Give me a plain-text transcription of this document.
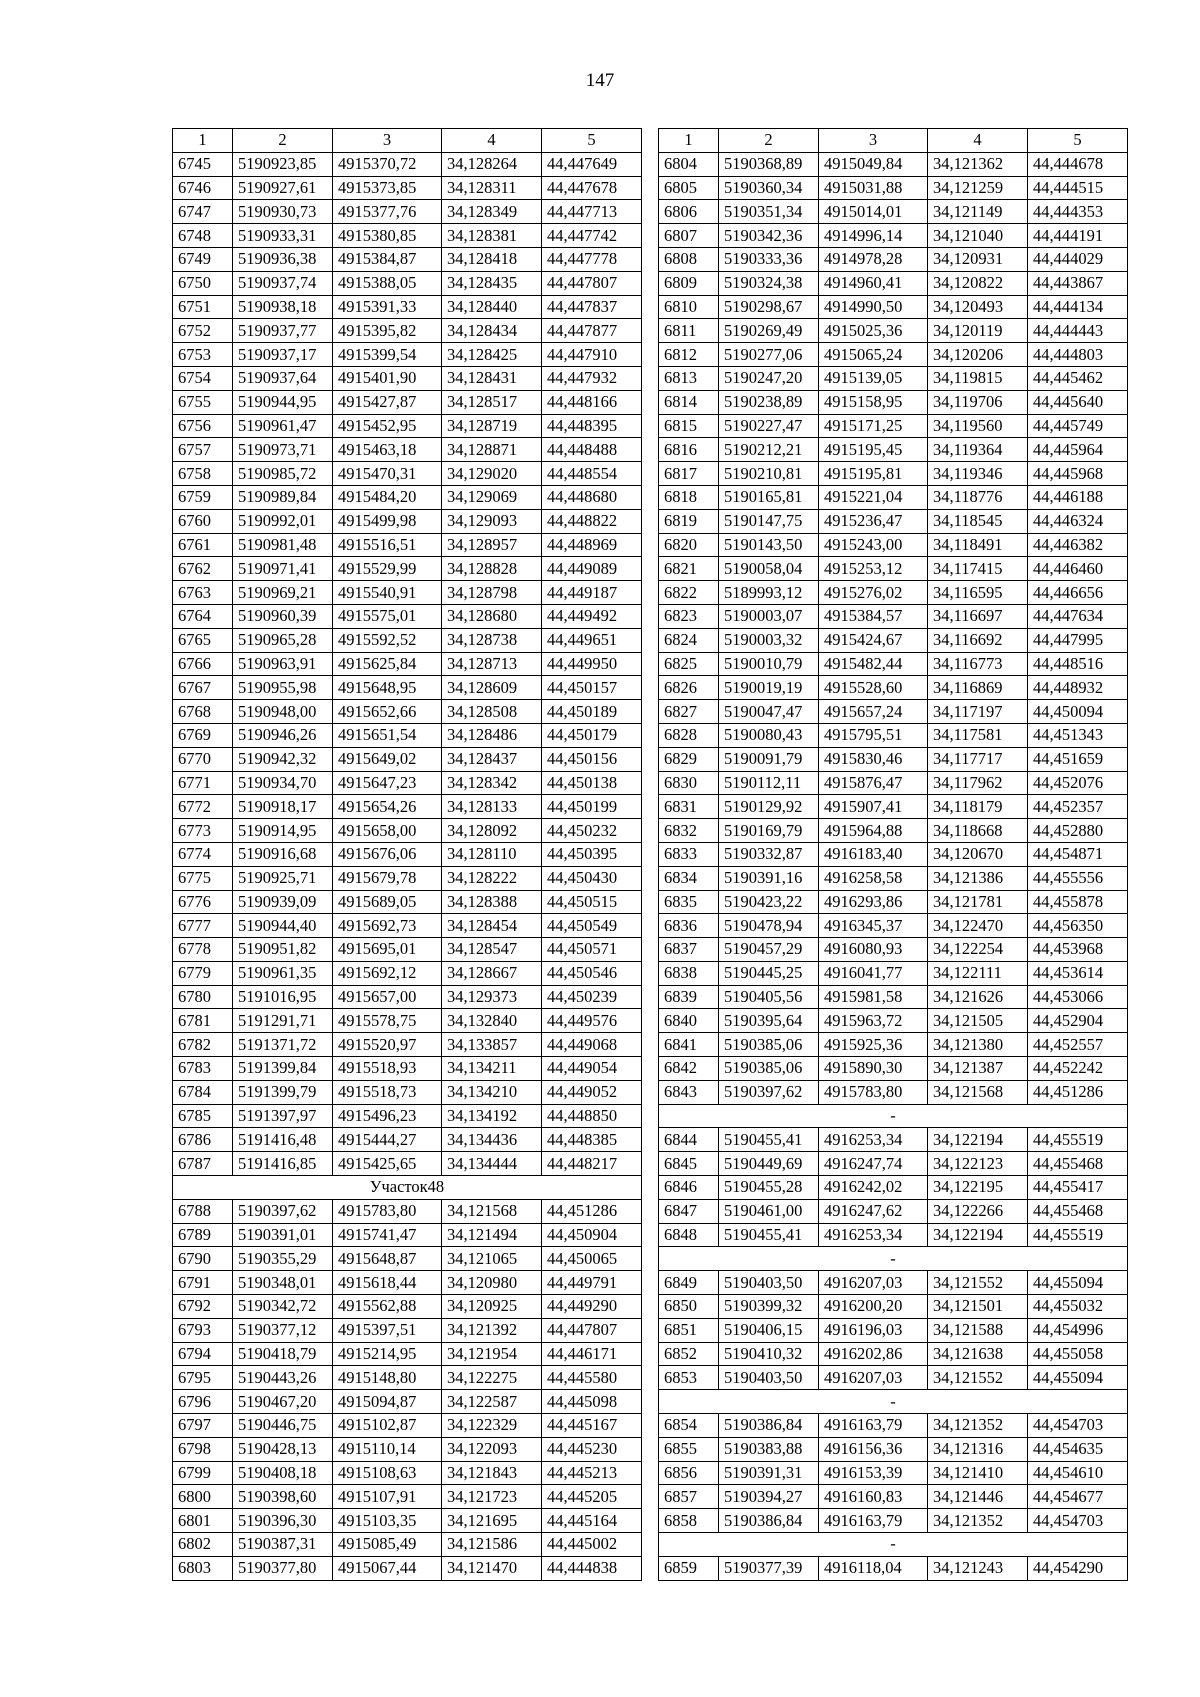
147
1	2	3	4	5
6745	5190923,85	4915370,72	34,128264	44,447649
6746	5190927,61	4915373,85	34,128311	44,447678
6747	5190930,73	4915377,76	34,128349	44,447713
6748	5190933,31	4915380,85	34,128381	44,447742
6749	5190936,38	4915384,87	34,128418	44,447778
6750	5190937,74	4915388,05	34,128435	44,447807
6751	5190938,18	4915391,33	34,128440	44,447837
6752	5190937,77	4915395,82	34,128434	44,447877
6753	5190937,17	4915399,54	34,128425	44,447910
6754	5190937,64	4915401,90	34,128431	44,447932
6755	5190944,95	4915427,87	34,128517	44,448166
6756	5190961,47	4915452,95	34,128719	44,448395
6757	5190973,71	4915463,18	34,128871	44,448488
6758	5190985,72	4915470,31	34,129020	44,448554
6759	5190989,84	4915484,20	34,129069	44,448680
6760	5190992,01	4915499,98	34,129093	44,448822
6761	5190981,48	4915516,51	34,128957	44,448969
6762	5190971,41	4915529,99	34,128828	44,449089
6763	5190969,21	4915540,91	34,128798	44,449187
6764	5190960,39	4915575,01	34,128680	44,449492
6765	5190965,28	4915592,52	34,128738	44,449651
6766	5190963,91	4915625,84	34,128713	44,449950
6767	5190955,98	4915648,95	34,128609	44,450157
6768	5190948,00	4915652,66	34,128508	44,450189
6769	5190946,26	4915651,54	34,128486	44,450179
6770	5190942,32	4915649,02	34,128437	44,450156
6771	5190934,70	4915647,23	34,128342	44,450138
6772	5190918,17	4915654,26	34,128133	44,450199
6773	5190914,95	4915658,00	34,128092	44,450232
6774	5190916,68	4915676,06	34,128110	44,450395
6775	5190925,71	4915679,78	34,128222	44,450430
6776	5190939,09	4915689,05	34,128388	44,450515
6777	5190944,40	4915692,73	34,128454	44,450549
6778	5190951,82	4915695,01	34,128547	44,450571
6779	5190961,35	4915692,12	34,128667	44,450546
6780	5191016,95	4915657,00	34,129373	44,450239
6781	5191291,71	4915578,75	34,132840	44,449576
6782	5191371,72	4915520,97	34,133857	44,449068
6783	5191399,84	4915518,93	34,134211	44,449054
6784	5191399,79	4915518,73	34,134210	44,449052
6785	5191397,97	4915496,23	34,134192	44,448850
6786	5191416,48	4915444,27	34,134436	44,448385
6787	5191416,85	4915425,65	34,134444	44,448217
Участок48				
6788	5190397,62	4915783,80	34,121568	44,451286
6789	5190391,01	4915741,47	34,121494	44,450904
6790	5190355,29	4915648,87	34,121065	44,450065
6791	5190348,01	4915618,44	34,120980	44,449791
6792	5190342,72	4915562,88	34,120925	44,449290
6793	5190377,12	4915397,51	34,121392	44,447807
6794	5190418,79	4915214,95	34,121954	44,446171
6795	5190443,26	4915148,80	34,122275	44,445580
6796	5190467,20	4915094,87	34,122587	44,445098
6797	5190446,75	4915102,87	34,122329	44,445167
6798	5190428,13	4915110,14	34,122093	44,445230
6799	5190408,18	4915108,63	34,121843	44,445213
6800	5190398,60	4915107,91	34,121723	44,445205
6801	5190396,30	4915103,35	34,121695	44,445164
6802	5190387,31	4915085,49	34,121586	44,445002
6803	5190377,80	4915067,44	34,121470	44,444838
1	2	3	4	5
6804	5190368,89	4915049,84	34,121362	44,444678
6805	5190360,34	4915031,88	34,121259	44,444515
6806	5190351,34	4915014,01	34,121149	44,444353
6807	5190342,36	4914996,14	34,121040	44,444191
6808	5190333,36	4914978,28	34,120931	44,444029
6809	5190324,38	4914960,41	34,120822	44,443867
6810	5190298,67	4914990,50	34,120493	44,444134
6811	5190269,49	4915025,36	34,120119	44,444443
6812	5190277,06	4915065,24	34,120206	44,444803
6813	5190247,20	4915139,05	34,119815	44,445462
6814	5190238,89	4915158,95	34,119706	44,445640
6815	5190227,47	4915171,25	34,119560	44,445749
6816	5190212,21	4915195,45	34,119364	44,445964
6817	5190210,81	4915195,81	34,119346	44,445968
6818	5190165,81	4915221,04	34,118776	44,446188
6819	5190147,75	4915236,47	34,118545	44,446324
6820	5190143,50	4915243,00	34,118491	44,446382
6821	5190058,04	4915253,12	34,117415	44,446460
6822	5189993,12	4915276,02	34,116595	44,446656
6823	5190003,07	4915384,57	34,116697	44,447634
6824	5190003,32	4915424,67	34,116692	44,447995
6825	5190010,79	4915482,44	34,116773	44,448516
6826	5190019,19	4915528,60	34,116869	44,448932
6827	5190047,47	4915657,24	34,117197	44,450094
6828	5190080,43	4915795,51	34,117581	44,451343
6829	5190091,79	4915830,46	34,117717	44,451659
6830	5190112,11	4915876,47	34,117962	44,452076
6831	5190129,92	4915907,41	34,118179	44,452357
6832	5190169,79	4915964,88	34,118668	44,452880
6833	5190332,87	4916183,40	34,120670	44,454871
6834	5190391,16	4916258,58	34,121386	44,455556
6835	5190423,22	4916293,86	34,121781	44,455878
6836	5190478,94	4916345,37	34,122470	44,456350
6837	5190457,29	4916080,93	34,122254	44,453968
6838	5190445,25	4916041,77	34,122111	44,453614
6839	5190405,56	4915981,58	34,121626	44,453066
6840	5190395,64	4915963,72	34,121505	44,452904
6841	5190385,06	4915925,36	34,121380	44,452557
6842	5190385,06	4915890,30	34,121387	44,452242
6843	5190397,62	4915783,80	34,121568	44,451286
-				
6844	5190455,41	4916253,34	34,122194	44,455519
6845	5190449,69	4916247,74	34,122123	44,455468
6846	5190455,28	4916242,02	34,122195	44,455417
6847	5190461,00	4916247,62	34,122266	44,455468
6848	5190455,41	4916253,34	34,122194	44,455519
-				
6849	5190403,50	4916207,03	34,121552	44,455094
6850	5190399,32	4916200,20	34,121501	44,455032
6851	5190406,15	4916196,03	34,121588	44,454996
6852	5190410,32	4916202,86	34,121638	44,455058
6853	5190403,50	4916207,03	34,121552	44,455094
-				
6854	5190386,84	4916163,79	34,121352	44,454703
6855	5190383,88	4916156,36	34,121316	44,454635
6856	5190391,31	4916153,39	34,121410	44,454610
6857	5190394,27	4916160,83	34,121446	44,454677
6858	5190386,84	4916163,79	34,121352	44,454703
-				
6859	5190377,39	4916118,04	34,121243	44,454290
